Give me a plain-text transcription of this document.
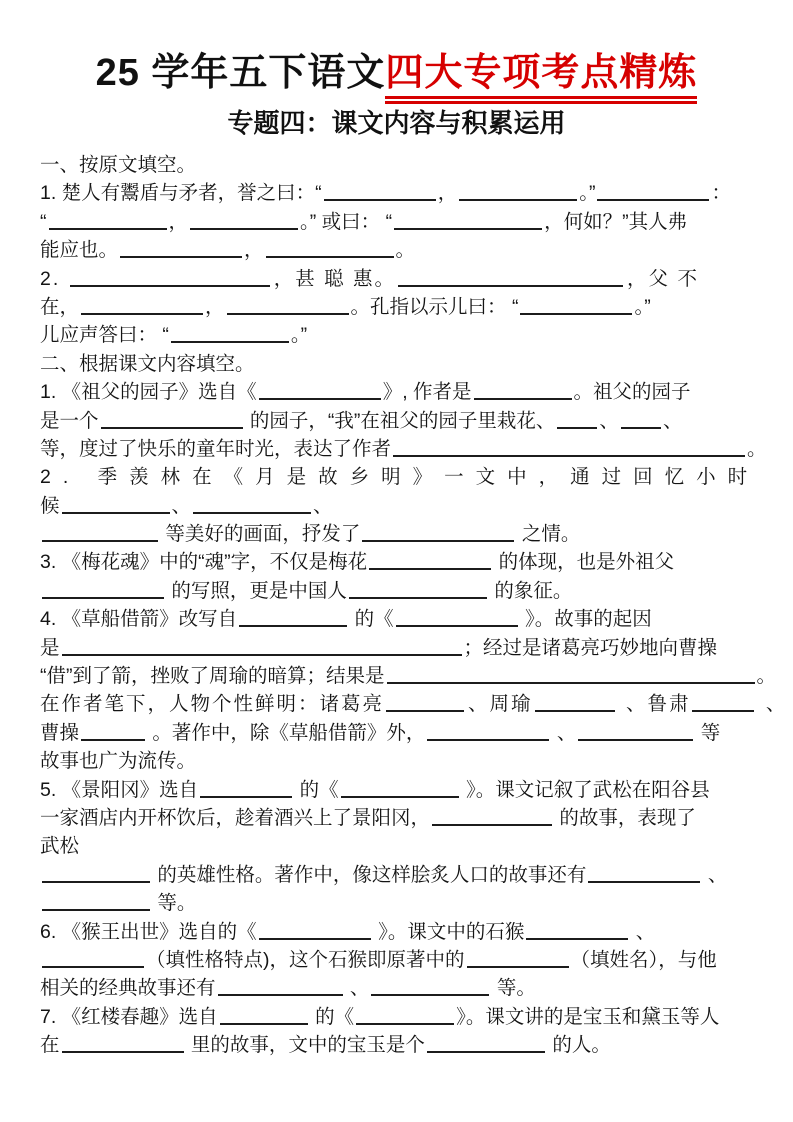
25 学年五下语文四大专项考点精炼
专题四：课文内容与积累运用
一、按原文填空。
1. 楚人有鬻盾与矛者，誉之曰：“	，	。”	：
“	，	。” 或曰： “	，何如？”其人弗
能应也。	，	。
2.	，甚 聪 惠。	，父 不
在，	，	。孔指以示儿曰： “	。”
儿应声答曰： “	。”
二、根据课文内容填空。
1. 《祖父的园子》选自《	》, 作者是	。祖父的园子
是一个	的园子，“我”在祖父的园子里栽花、 、 、
等，度过了快乐的童年时光，表达了作者	。
2. 季羡林在《月是故乡明》一文中，通过回忆小时
候	、	、
等美好的画面，抒发了	之情。
3. 《梅花魂》中的“魂”字，不仅是梅花	的体现，也是外祖父
的写照，更是中国人	的象征。
4. 《草船借箭》改写自	的《	》。故事的起因
是	；经过是诸葛亮巧妙地向曹操
“借”到了箭，挫败了周瑜的暗算；结果是	。
在作者笔下，人物个性鲜明：诸葛亮	、周瑜	、鲁肃	、
曹操	。著作中，除《草船借箭》外，	、	等
故事也广为流传。
5. 《景阳冈》选自	的《	》。课文记叙了武松在阳谷县
一家酒店内开杯饮后，趁着酒兴上了景阳冈，	的故事，表现了
武松
的英雄性格。著作中，像这样脍炙人口的故事还有	、
等。
6. 《猴王出世》选自的《	》。课文中的石猴	、
（填性格特点)，这个石猴即原著中的	（填姓名），与他
相关的经典故事还有	、	等。
7. 《红楼春趣》选自	的《	》。课文讲的是宝玉和黛玉等人
在	里的故事，文中的宝玉是个	的人。
